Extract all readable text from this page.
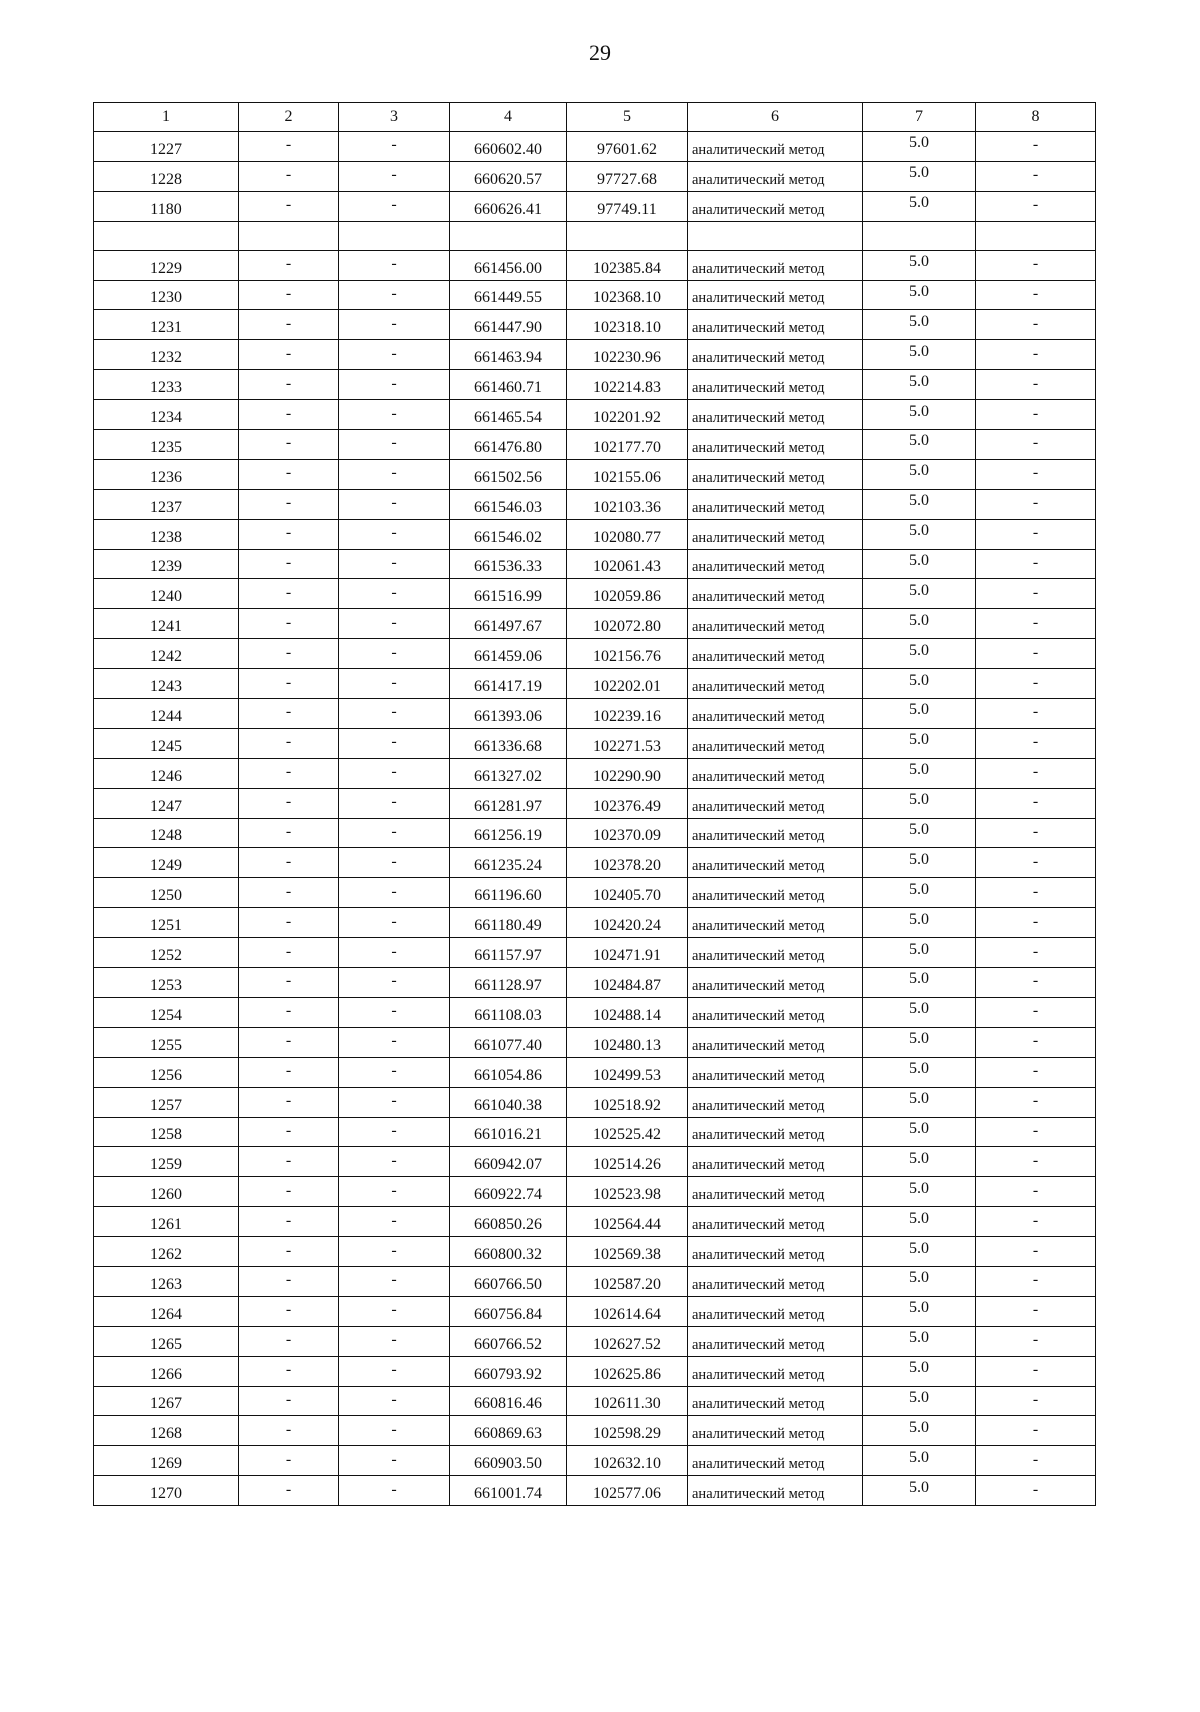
29
1	2	3	4	5	6	7	8
1227	-	-	660602.40	97601.62	аналитический метод	5.0	-
1228	-	-	660620.57	97727.68	аналитический метод	5.0	-
1180	-	-	660626.41	97749.11	аналитический метод	5.0	-

1229	-	-	661456.00	102385.84	аналитический метод	5.0	-
1230	-	-	661449.55	102368.10	аналитический метод	5.0	-
1231	-	-	661447.90	102318.10	аналитический метод	5.0	-
1232	-	-	661463.94	102230.96	аналитический метод	5.0	-
1233	-	-	661460.71	102214.83	аналитический метод	5.0	-
1234	-	-	661465.54	102201.92	аналитический метод	5.0	-
1235	-	-	661476.80	102177.70	аналитический метод	5.0	-
1236	-	-	661502.56	102155.06	аналитический метод	5.0	-
1237	-	-	661546.03	102103.36	аналитический метод	5.0	-
1238	-	-	661546.02	102080.77	аналитический метод	5.0	-
1239	-	-	661536.33	102061.43	аналитический метод	5.0	-
1240	-	-	661516.99	102059.86	аналитический метод	5.0	-
1241	-	-	661497.67	102072.80	аналитический метод	5.0	-
1242	-	-	661459.06	102156.76	аналитический метод	5.0	-
1243	-	-	661417.19	102202.01	аналитический метод	5.0	-
1244	-	-	661393.06	102239.16	аналитический метод	5.0	-
1245	-	-	661336.68	102271.53	аналитический метод	5.0	-
1246	-	-	661327.02	102290.90	аналитический метод	5.0	-
1247	-	-	661281.97	102376.49	аналитический метод	5.0	-
1248	-	-	661256.19	102370.09	аналитический метод	5.0	-
1249	-	-	661235.24	102378.20	аналитический метод	5.0	-
1250	-	-	661196.60	102405.70	аналитический метод	5.0	-
1251	-	-	661180.49	102420.24	аналитический метод	5.0	-
1252	-	-	661157.97	102471.91	аналитический метод	5.0	-
1253	-	-	661128.97	102484.87	аналитический метод	5.0	-
1254	-	-	661108.03	102488.14	аналитический метод	5.0	-
1255	-	-	661077.40	102480.13	аналитический метод	5.0	-
1256	-	-	661054.86	102499.53	аналитический метод	5.0	-
1257	-	-	661040.38	102518.92	аналитический метод	5.0	-
1258	-	-	661016.21	102525.42	аналитический метод	5.0	-
1259	-	-	660942.07	102514.26	аналитический метод	5.0	-
1260	-	-	660922.74	102523.98	аналитический метод	5.0	-
1261	-	-	660850.26	102564.44	аналитический метод	5.0	-
1262	-	-	660800.32	102569.38	аналитический метод	5.0	-
1263	-	-	660766.50	102587.20	аналитический метод	5.0	-
1264	-	-	660756.84	102614.64	аналитический метод	5.0	-
1265	-	-	660766.52	102627.52	аналитический метод	5.0	-
1266	-	-	660793.92	102625.86	аналитический метод	5.0	-
1267	-	-	660816.46	102611.30	аналитический метод	5.0	-
1268	-	-	660869.63	102598.29	аналитический метод	5.0	-
1269	-	-	660903.50	102632.10	аналитический метод	5.0	-
1270	-	-	661001.74	102577.06	аналитический метод	5.0	-
